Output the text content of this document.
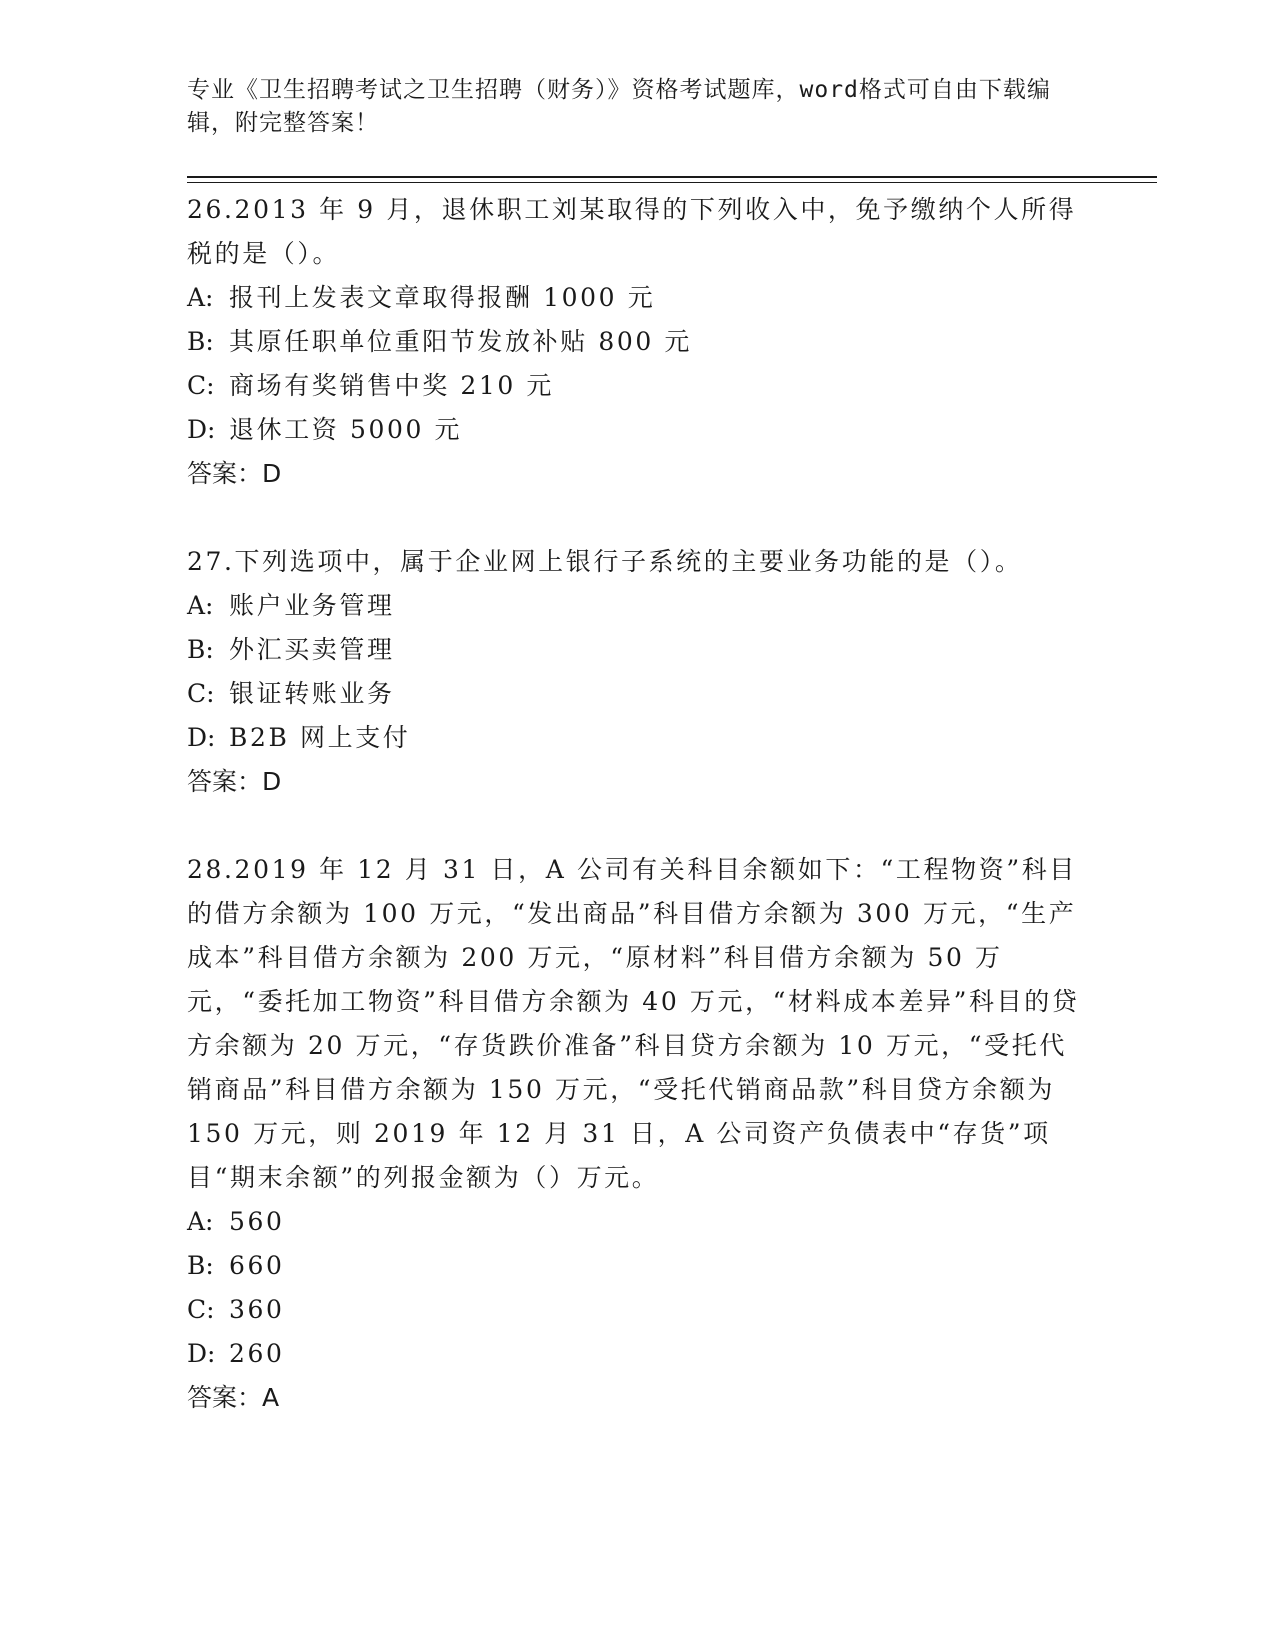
专业《卫生招聘考试之卫生招聘（财务）》资格考试题库，word格式可自由下载编辑，附完整答案！

26.2013 年 9 月，退休职工刘某取得的下列收入中，免予缴纳个人所得税的是（）。

A: 报刊上发表文章取得报酬 1000 元

B: 其原任职单位重阳节发放补贴 800 元

C: 商场有奖销售中奖 210 元

D: 退休工资 5000 元

答案：D

27.下列选项中，属于企业网上银行子系统的主要业务功能的是（）。

A: 账户业务管理

B: 外汇买卖管理

C: 银证转账业务

D: B2B 网上支付

答案：D

28.2019 年 12 月 31 日，A 公司有关科目余额如下：“工程物资”科目的借方余额为 100 万元，“发出商品”科目借方余额为 300 万元，“生产成本”科目借方余额为 200 万元，“原材料”科目借方余额为 50 万元，“委托加工物资”科目借方余额为 40 万元，“材料成本差异”科目的贷方余额为 20 万元，“存货跌价准备”科目贷方余额为 10 万元，“受托代销商品”科目借方余额为 150 万元，“受托代销商品款”科目贷方余额为 150 万元，则 2019 年 12 月 31 日，A 公司资产负债表中“存货”项目“期末余额”的列报金额为（）万元。

A: 560

B: 660

C: 360

D: 260

答案：A
